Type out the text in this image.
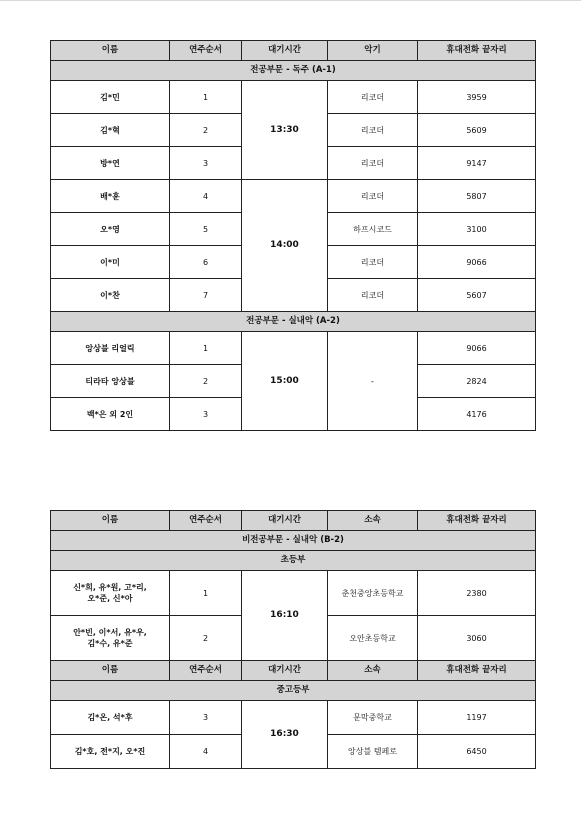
이름	연주순서	대기시간	악기	휴대전화 끝자리
전공부문 - 독주 (A-1)				
김*민	1	13:30	리코더	3959
김*혁	2		리코더	5609
방*연	3		리코더	9147
배*훈	4	14:00	리코더	5807
오*영	5		하프시코드	3100
이*미	6		리코더	9066
이*찬	7		리코더	5607
전공부문 - 실내악 (A-2)				
앙상블 리얼릭	1	15:00	-	9066
티라타 앙상블	2			2824
백*은 외 2인	3			4176
이름	연주순서	대기시간	소속	휴대전화 끝자리
비전공부문 - 실내악 (B-2)				
초등부				
신*희, 유*원, 고*리,
오*준, 신*아	1	16:10	춘천중앙초등학교	2380
안*빈, 이*서, 유*우,
김*수, 유*준	2		오안초등학교	3060
이름	연주순서	대기시간	소속	휴대전화 끝자리
중고등부				
김*온, 석*후	3	16:30	문막중학교	1197
김*호, 전*지, 오*진	4		앙상블 템페로	6450
